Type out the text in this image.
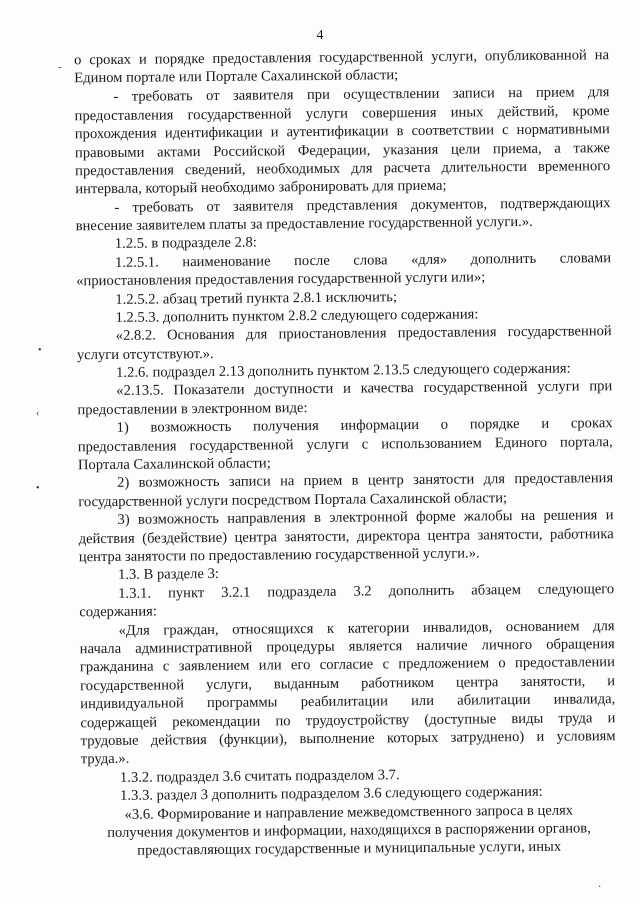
4
-
•
‹
•
·
о сроках и порядке предоставления государственной услуги, опубликованной на
Едином портале или Портале Сахалинской области;
- требовать от заявителя при осуществлении записи на прием для
предоставления государственной услуги совершения иных действий, кроме
прохождения идентификации и аутентификации в соответствии с нормативными
правовыми актами Российской Федерации, указания цели приема, а также
предоставления сведений, необходимых для расчета длительности временного
интервала, который необходимо забронировать для приема;
- требовать от заявителя представления документов, подтверждающих
внесение заявителем платы за предоставление государственной услуги.».
1.2.5. в подразделе 2.8:
1.2.5.1. наименование после слова «для» дополнить словами
«приостановления предоставления государственной услуги или»;
1.2.5.2. абзац третий пункта 2.8.1 исключить;
1.2.5.3. дополнить пунктом 2.8.2 следующего содержания:
«2.8.2. Основания для приостановления предоставления государственной
услуги отсутствуют.».
1.2.6. подраздел 2.13 дополнить пунктом 2.13.5 следующего содержания:
«2.13.5. Показатели доступности и качества государственной услуги при
предоставлении в электронном виде:
1) возможность получения информации о порядке и сроках
предоставления государственной услуги с использованием Единого портала,
Портала Сахалинской области;
2) возможность записи на прием в центр занятости для предоставления
государственной услуги посредством Портала Сахалинской области;
3) возможность направления в электронной форме жалобы на решения и
действия (бездействие) центра занятости, директора центра занятости, работника
центра занятости по предоставлению государственной услуги.».
1.3. В разделе 3:
1.3.1. пункт 3.2.1 подраздела 3.2 дополнить абзацем следующего
содержания:
«Для граждан, относящихся к категории инвалидов, основанием для
начала административной процедуры является наличие личного обращения
гражданина с заявлением или его согласие с предложением о предоставлении
государственной услуги, выданным работником центра занятости, и
индивидуальной программы реабилитации или абилитации инвалида,
содержащей рекомендации по трудоустройству (доступные виды труда и
трудовые действия (функции), выполнение которых затруднено) и условиям
труда.».
1.3.2. подраздел 3.6 считать подразделом 3.7.
1.3.3. раздел 3 дополнить подразделом 3.6 следующего содержания:
«3.6. Формирование и направление межведомственного запроса в целях
получения документов и информации, находящихся в распоряжении органов,
предоставляющих государственные и муниципальные услуги, иных
